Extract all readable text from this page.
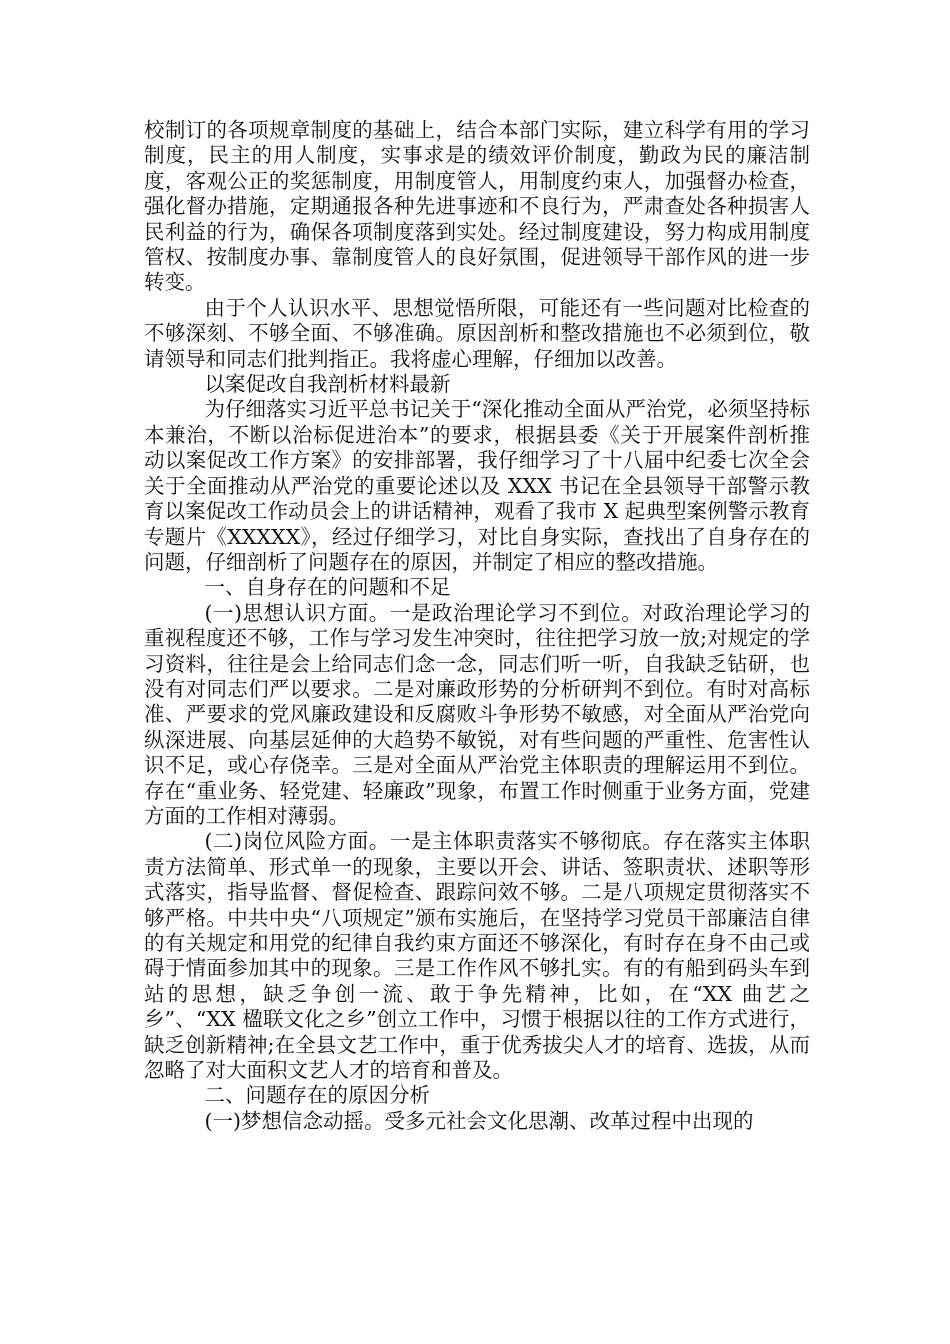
校制订的各项规章制度的基础上，结合本部门实际，建立科学有用的学习制度，民主的用人制度，实事求是的绩效评价制度，勤政为民的廉洁制度，客观公正的奖惩制度，用制度管人，用制度约束人，加强督办检查，强化督办措施，定期通报各种先进事迹和不良行为，严肃查处各种损害人民利益的行为，确保各项制度落到实处。经过制度建设，努力构成用制度管权、按制度办事、靠制度管人的良好氛围，促进领导干部作风的进一步转变。

由于个人认识水平、思想觉悟所限，可能还有一些问题对比检查的不够深刻、不够全面、不够准确。原因剖析和整改措施也不必须到位，敬请领导和同志们批判指正。我将虚心理解，仔细加以改善。

以案促改自我剖析材料最新

为仔细落实习近平总书记关于“深化推动全面从严治党，必须坚持标本兼治，不断以治标促进治本”的要求，根据县委《关于开展案件剖析推动以案促改工作方案》的安排部署，我仔细学习了十八届中纪委七次全会关于全面推动从严治党的重要论述以及 XXX 书记在全县领导干部警示教育以案促改工作动员会上的讲话精神，观看了我市 X 起典型案例警示教育专题片《XXXXX》，经过仔细学习，对比自身实际，查找出了自身存在的问题，仔细剖析了问题存在的原因，并制定了相应的整改措施。

一、自身存在的问题和不足

(一)思想认识方面。一是政治理论学习不到位。对政治理论学习的重视程度还不够，工作与学习发生冲突时，往往把学习放一放;对规定的学习资料，往往是会上给同志们念一念，同志们听一听，自我缺乏钻研，也没有对同志们严以要求。二是对廉政形势的分析研判不到位。有时对高标准、严要求的党风廉政建设和反腐败斗争形势不敏感，对全面从严治党向纵深进展、向基层延伸的大趋势不敏锐，对有些问题的严重性、危害性认识不足，或心存侥幸。三是对全面从严治党主体职责的理解运用不到位。存在“重业务、轻党建、轻廉政”现象，布置工作时侧重于业务方面，党建方面的工作相对薄弱。

(二)岗位风险方面。一是主体职责落实不够彻底。存在落实主体职责方法简单、形式单一的现象，主要以开会、讲话、签职责状、述职等形式落实，指导监督、督促检查、跟踪问效不够。二是八项规定贯彻落实不够严格。中共中央“八项规定”颁布实施后，在坚持学习党员干部廉洁自律的有关规定和用党的纪律自我约束方面还不够深化，有时存在身不由己或碍于情面参加其中的现象。三是工作作风不够扎实。有的有船到码头车到站的思想，缺乏争创一流、敢于争先精神，比如，在“XX 曲艺之乡”、“XX 楹联文化之乡”创立工作中，习惯于根据以往的工作方式进行，缺乏创新精神;在全县文艺工作中，重于优秀拔尖人才的培育、选拔，从而忽略了对大面积文艺人才的培育和普及。

二、问题存在的原因分析

(一)梦想信念动摇。受多元社会文化思潮、改革过程中出现的
